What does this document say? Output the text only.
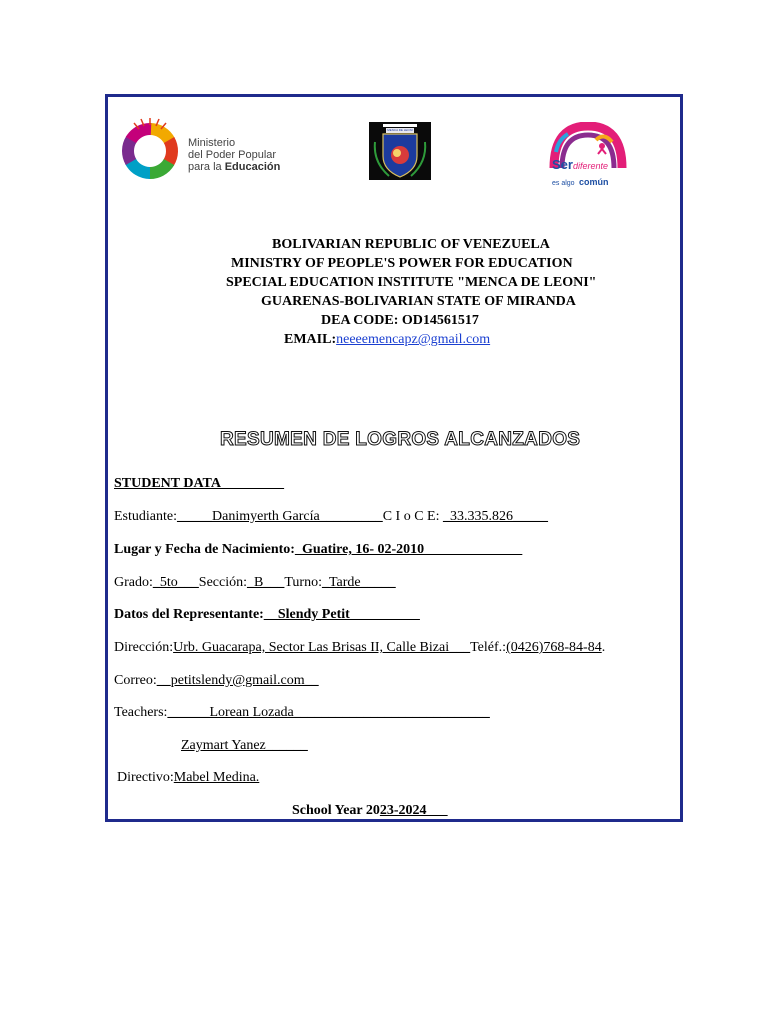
Ministerio
del Poder Popular
para la Educación
MENCA DE LEONI
Serdiferente
es algo común
BOLIVARIAN REPUBLIC OF VENEZUELA
MINISTRY OF PEOPLE'S POWER FOR EDUCATION
SPECIAL EDUCATION INSTITUTE "MENCA DE LEONI"
GUARENAS-BOLIVARIAN STATE OF MIRANDA
DEA CODE: OD14561517
EMAIL:neeeemencapz@gmail.com
RESUMEN DE LOGROS ALCANZADOS
STUDENT DATA_________
Estudiante:_____Danimyerth García_________C I o C E: _33.335.826_____
Lugar y Fecha de Nacimiento:_Guatire, 16- 02-2010______________
Grado:_5to___Sección:_B___Turno:_Tarde_____
Datos del Representante:__Slendy Petit__________
Dirección:Urb. Guacarapa, Sector Las Brisas II, Calle Bizai___Teléf.:(0426)768-84-84.
Correo:__petitslendy@gmail.com__
Teachers:______Lorean Lozada____________________________
Zaymart Yanez______
Directivo:Mabel Medina.
School Year 2023-2024___
